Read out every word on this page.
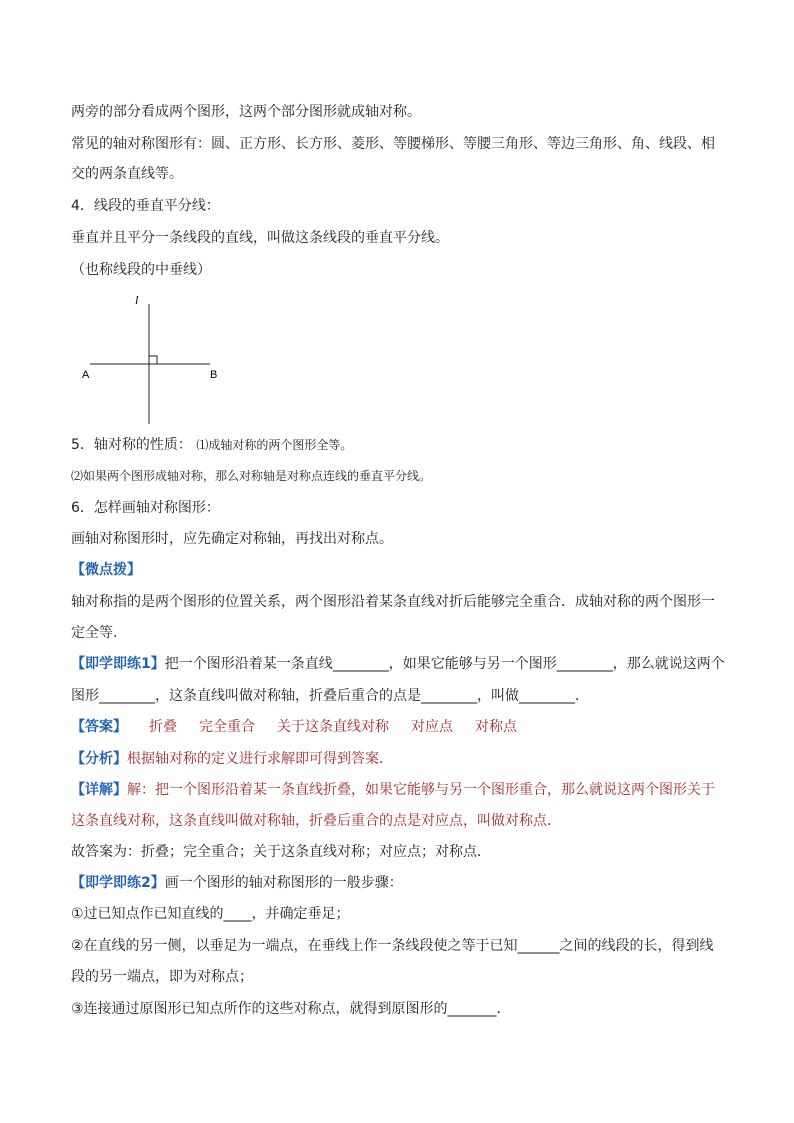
两旁的部分看成两个图形，这两个部分图形就成轴对称。
常见的轴对称图形有：圆、正方形、长方形、菱形、等腰梯形、等腰三角形、等边三角形、角、线段、相
交的两条直线等。
4．线段的垂直平分线：
垂直并且平分一条线段的直线，叫做这条线段的垂直平分线。
（也称线段的中垂线）
l
A	B
5．轴对称的性质： ⑴成轴对称的两个图形全等。
⑵如果两个图形成轴对称，那么对称轴是对称点连线的垂直平分线。
6．怎样画轴对称图形：
画轴对称图形时，应先确定对称轴，再找出对称点。
【微点拨】
轴对称指的是两个图形的位置关系，两个图形沿着某条直线对折后能够完全重合．成轴对称的两个图形一
定全等.
【即学即练1】把一个图形沿着某一条直线________，如果它能够与另一个图形________，那么就说这两个
图形________，这条直线叫做对称轴，折叠后重合的点是________，叫做________．
【答案】 折叠 完全重合 关于这条直线对称 对应点 对称点
【分析】根据轴对称的定义进行求解即可得到答案．
【详解】解：把一个图形沿着某一条直线折叠，如果它能够与另一个图形重合，那么就说这两个图形关于
这条直线对称，这条直线叫做对称轴，折叠后重合的点是对应点，叫做对称点．
故答案为：折叠；完全重合；关于这条直线对称；对应点；对称点．
【即学即练2】画一个图形的轴对称图形的一般步骤：
①过已知点作已知直线的____，并确定垂足；
②在直线的另一侧，以垂足为一端点，在垂线上作一条线段使之等于已知______之间的线段的长，得到线
段的另一端点，即为对称点；
③连接通过原图形已知点所作的这些对称点，就得到原图形的_______．
